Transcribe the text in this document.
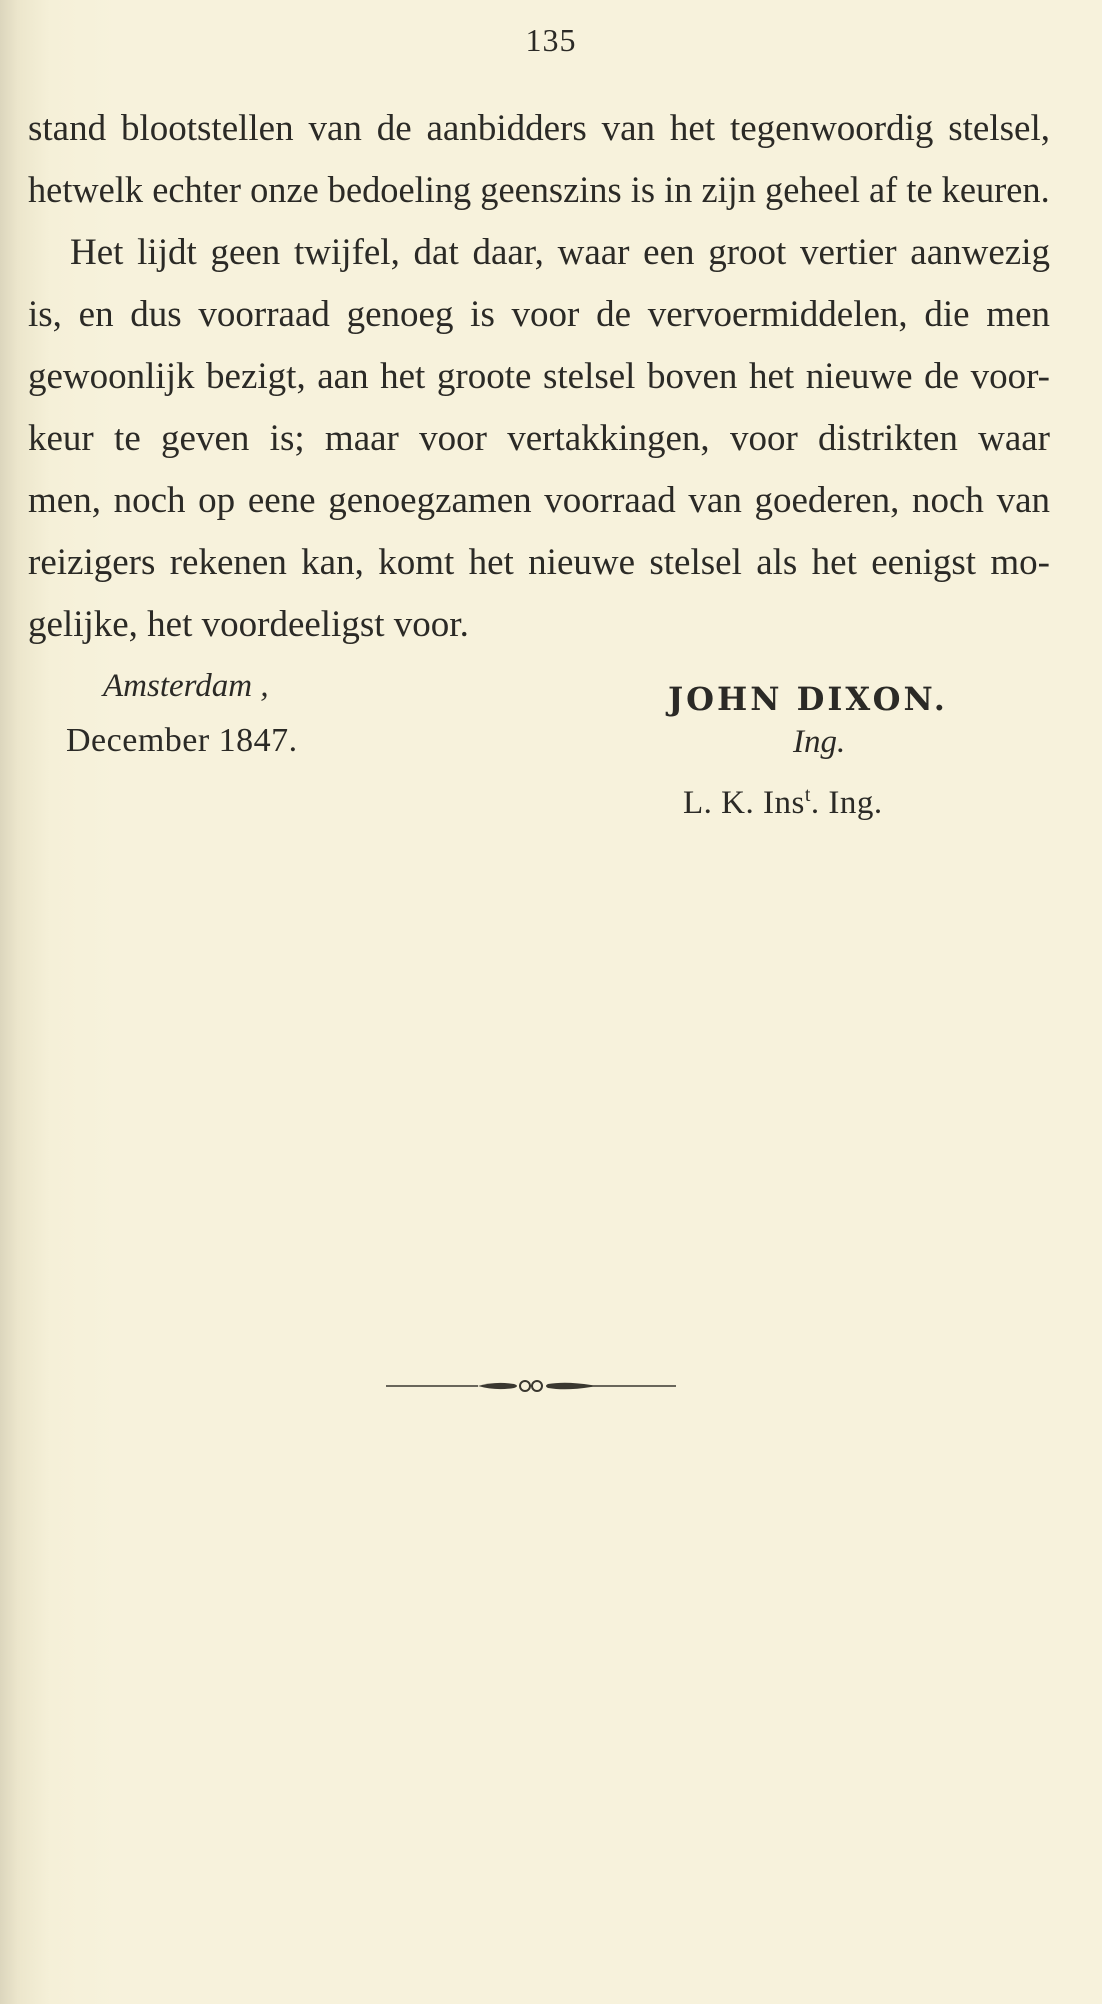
135
stand blootstellen van de aanbidders van het tegenwoordig stelsel,
hetwelk echter onze bedoeling geenszins is in zijn geheel af te keuren.
Het lijdt geen twijfel, dat daar, waar een groot vertier aanwezig
is, en dus voorraad genoeg is voor de vervoermiddelen, die men
gewoonlijk bezigt, aan het groote stelsel boven het nieuwe de voor-
keur te geven is; maar voor vertakkingen, voor distrikten waar
men, noch op eene genoegzamen voorraad van goederen, noch van
reizigers rekenen kan, komt het nieuwe stelsel als het eenigst mo-
gelijke, het voordeeligst voor.
Amsterdam ,
December 1847.
JOHN DIXON.
Ing.
L. K. Ins$^t$. Ing.
